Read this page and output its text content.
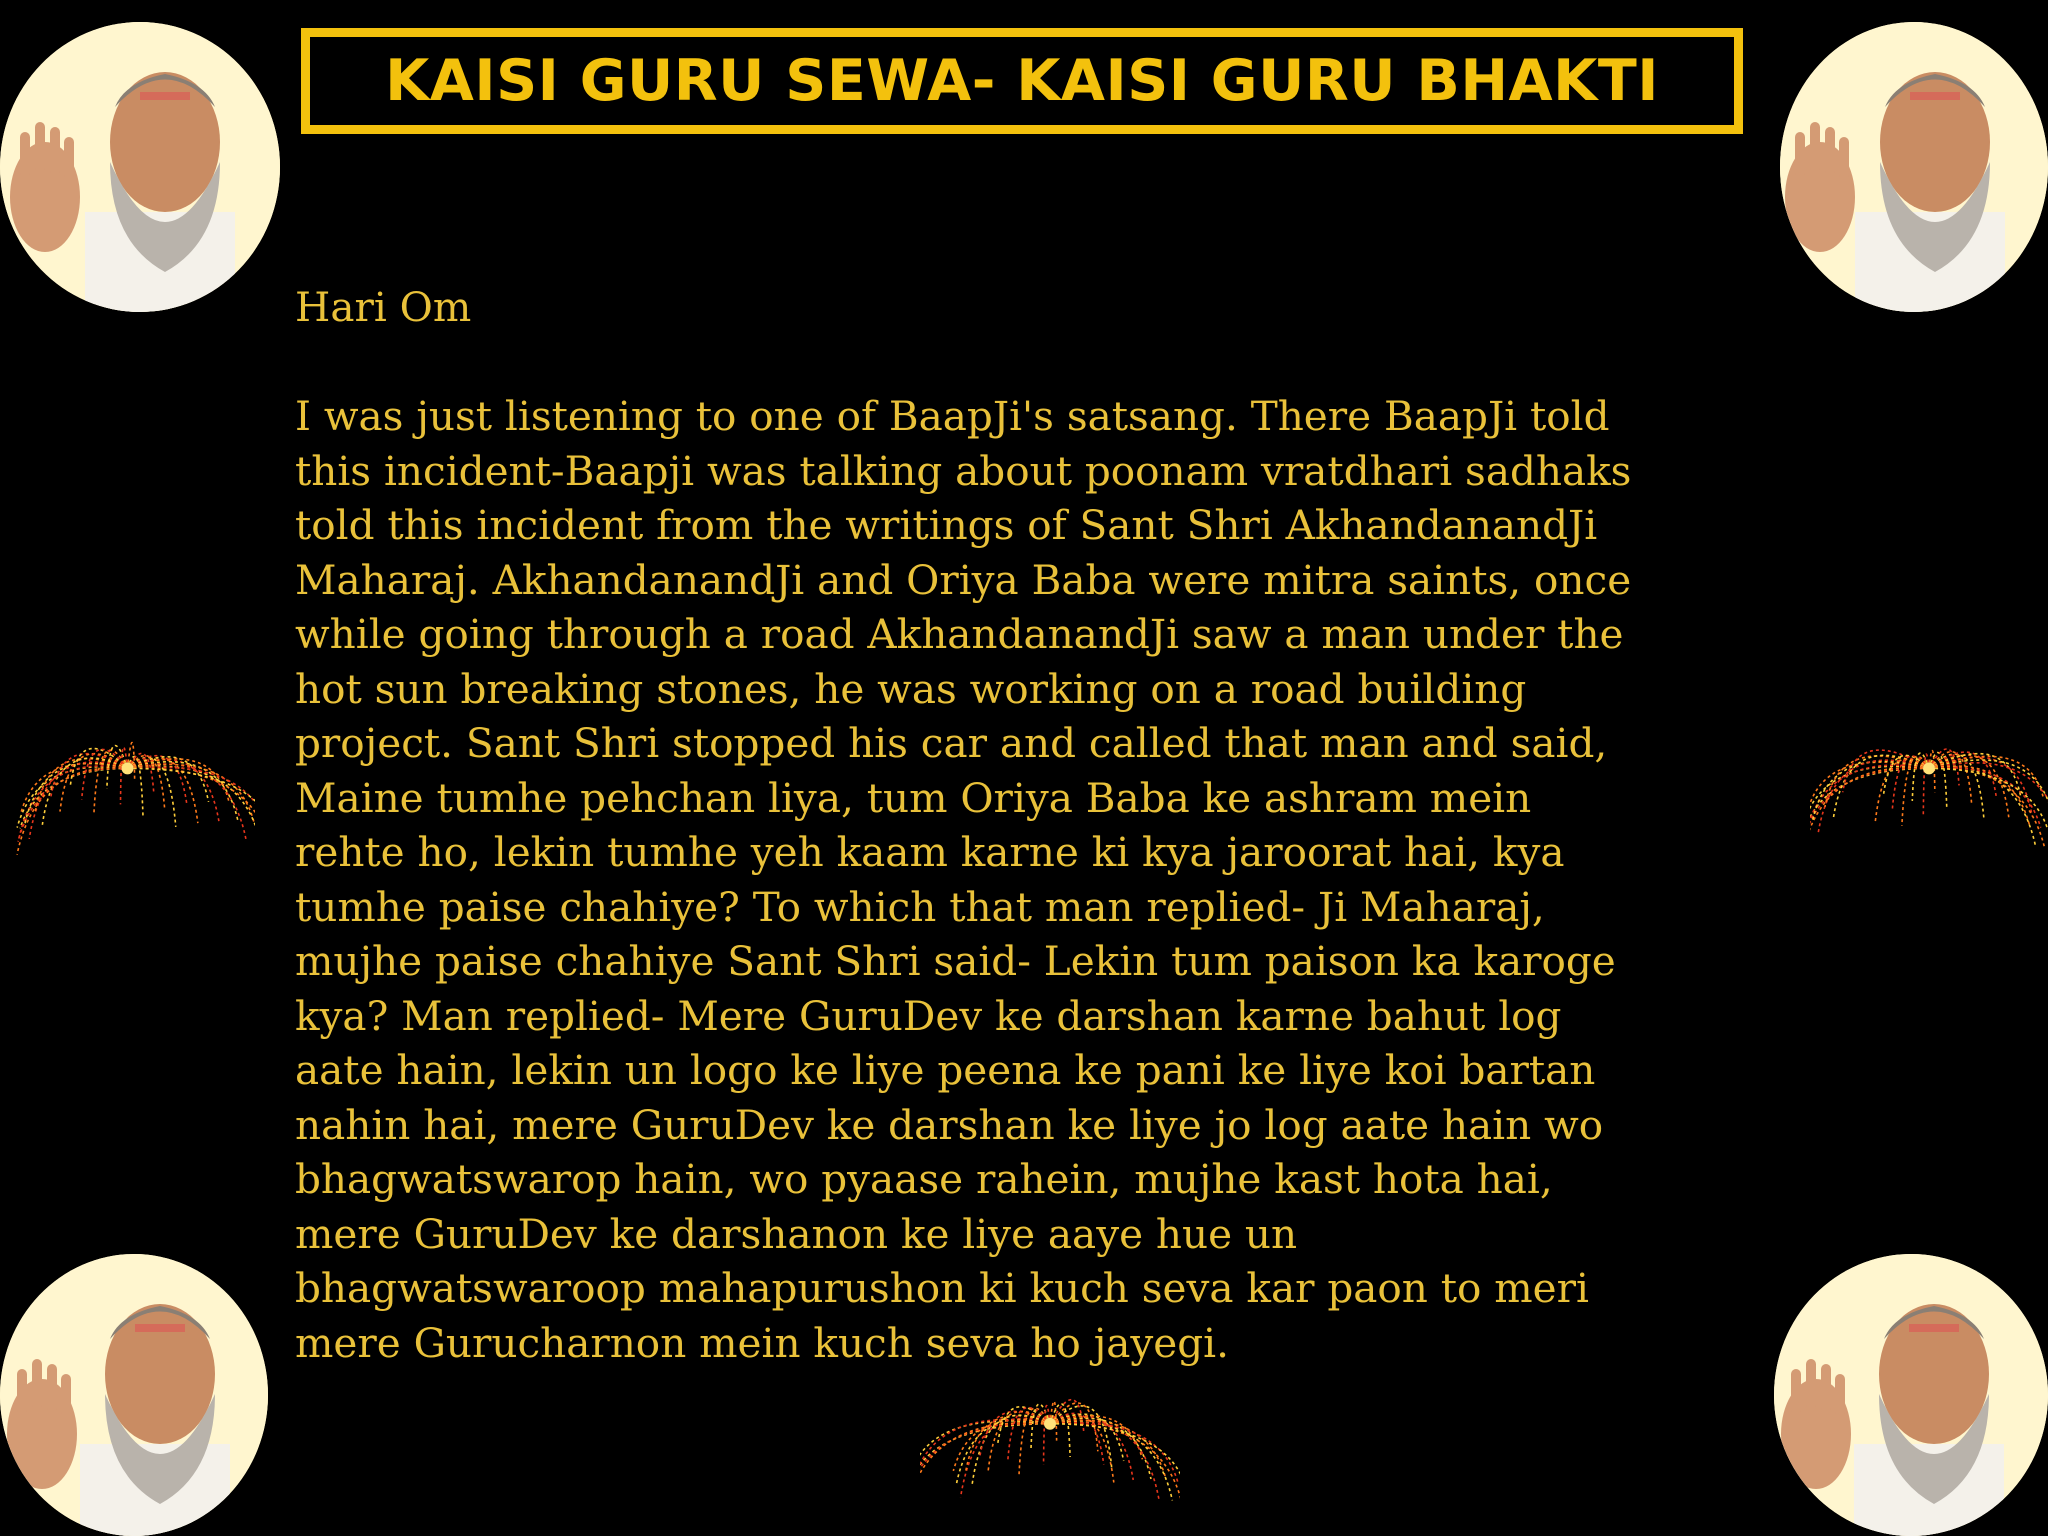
KAISI GURU SEWA- KAISI GURU BHAKTI

Hari Om

I was just listening to one of BaapJi's satsang. There BaapJi told
this incident-Baapji was talking about poonam vratdhari sadhaks
told this incident from the writings of Sant Shri AkhandanandJi
Maharaj. AkhandanandJi and Oriya Baba were mitra saints, once
while going through a road AkhandanandJi saw a man under the
hot sun breaking stones, he was working on a road building
project. Sant Shri stopped his car and called that man and said,
Maine tumhe pehchan liya, tum Oriya Baba ke ashram mein
rehte ho, lekin tumhe yeh kaam karne ki kya jaroorat hai, kya
tumhe paise chahiye? To which that man replied- Ji Maharaj,
mujhe paise chahiye Sant Shri said- Lekin tum paison ka karoge
kya? Man replied- Mere GuruDev ke darshan karne bahut log
aate hain, lekin un logo ke liye peena ke pani ke liye koi bartan
nahin hai, mere GuruDev ke darshan ke liye jo log aate hain wo
bhagwatswarop hain, wo pyaase rahein, mujhe kast hota hai,
mere GuruDev ke darshanon ke liye aaye hue un
bhagwatswaroop mahapurushon ki kuch seva kar paon to meri
mere Gurucharnon mein kuch seva ho jayegi.
